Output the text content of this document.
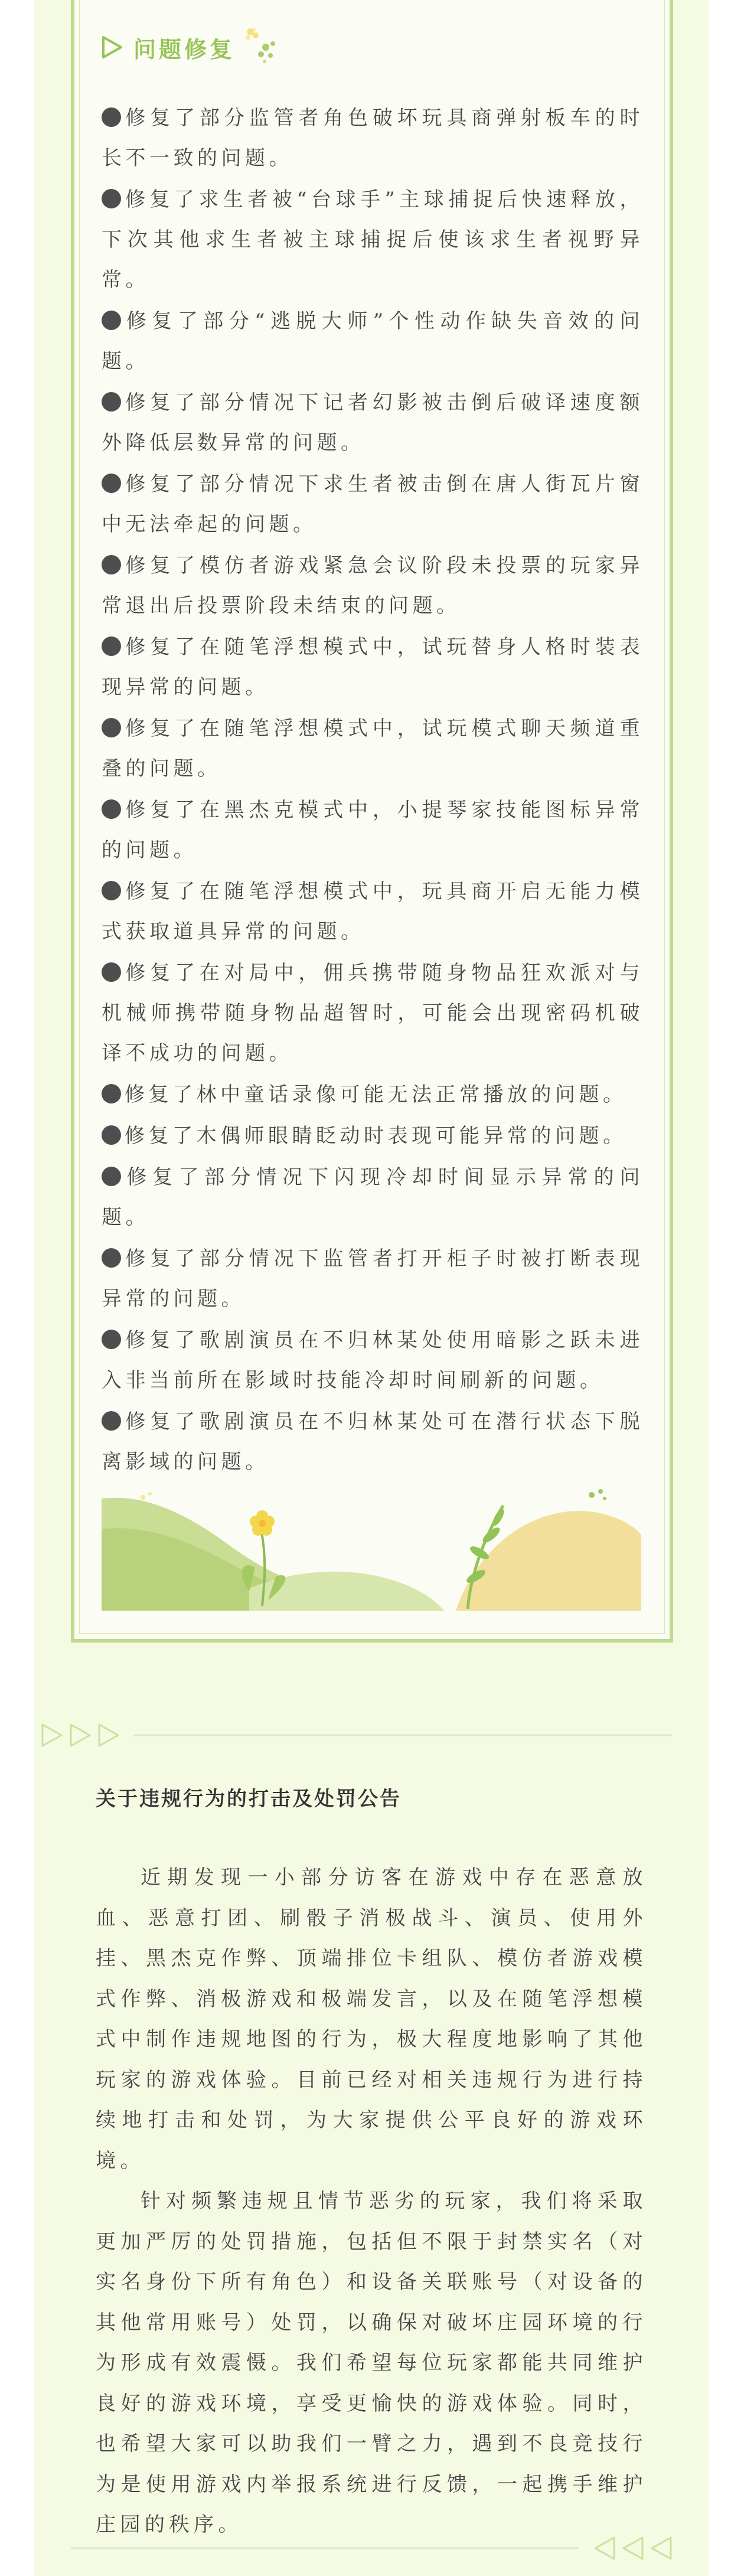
问题修复
修复了部分监管者角色破坏玩具商弹射板车的时长不一致的问题。
修复了求生者被“台球手”主球捕捉后快速释放，下次其他求生者被主球捕捉后使该求生者视野异常。
修复了部分“逃脱大师”个性动作缺失音效的问题。
修复了部分情况下记者幻影被击倒后破译速度额外降低层数异常的问题。
修复了部分情况下求生者被击倒在唐人街瓦片窗中无法牵起的问题。
修复了模仿者游戏紧急会议阶段未投票的玩家异常退出后投票阶段未结束的问题。
修复了在随笔浮想模式中，试玩替身人格时装表现异常的问题。
修复了在随笔浮想模式中，试玩模式聊天频道重叠的问题。
修复了在黑杰克模式中，小提琴家技能图标异常的问题。
修复了在随笔浮想模式中，玩具商开启无能力模式获取道具异常的问题。
修复了在对局中，佣兵携带随身物品狂欢派对与机械师携带随身物品超智时，可能会出现密码机破译不成功的问题。
修复了林中童话录像可能无法正常播放的问题。
修复了木偶师眼睛眨动时表现可能异常的问题。
修复了部分情况下闪现冷却时间显示异常的问题。
修复了部分情况下监管者打开柜子时被打断表现异常的问题。
修复了歌剧演员在不归林某处使用暗影之跃未进入非当前所在影域时技能冷却时间刷新的问题。
修复了歌剧演员在不归林某处可在潜行状态下脱离影域的问题。
关于违规行为的打击及处罚公告

近期发现一小部分访客在游戏中存在恶意放血、恶意打团、刷骰子消极战斗、演员、使用外挂、黑杰克作弊、顶端排位卡组队、模仿者游戏模式作弊、消极游戏和极端发言，以及在随笔浮想模式中制作违规地图的行为，极大程度地影响了其他玩家的游戏体验。目前已经对相关违规行为进行持续地打击和处罚，为大家提供公平良好的游戏环境。

针对频繁违规且情节恶劣的玩家，我们将采取更加严厉的处罚措施，包括但不限于封禁实名（对实名身份下所有角色）和设备关联账号（对设备的其他常用账号）处罚，以确保对破坏庄园环境的行为形成有效震慑。我们希望每位玩家都能共同维护良好的游戏环境，享受更愉快的游戏体验。同时，也希望大家可以助我们一臂之力，遇到不良竞技行为是使用游戏内举报系统进行反馈，一起携手维护庄园的秩序。
